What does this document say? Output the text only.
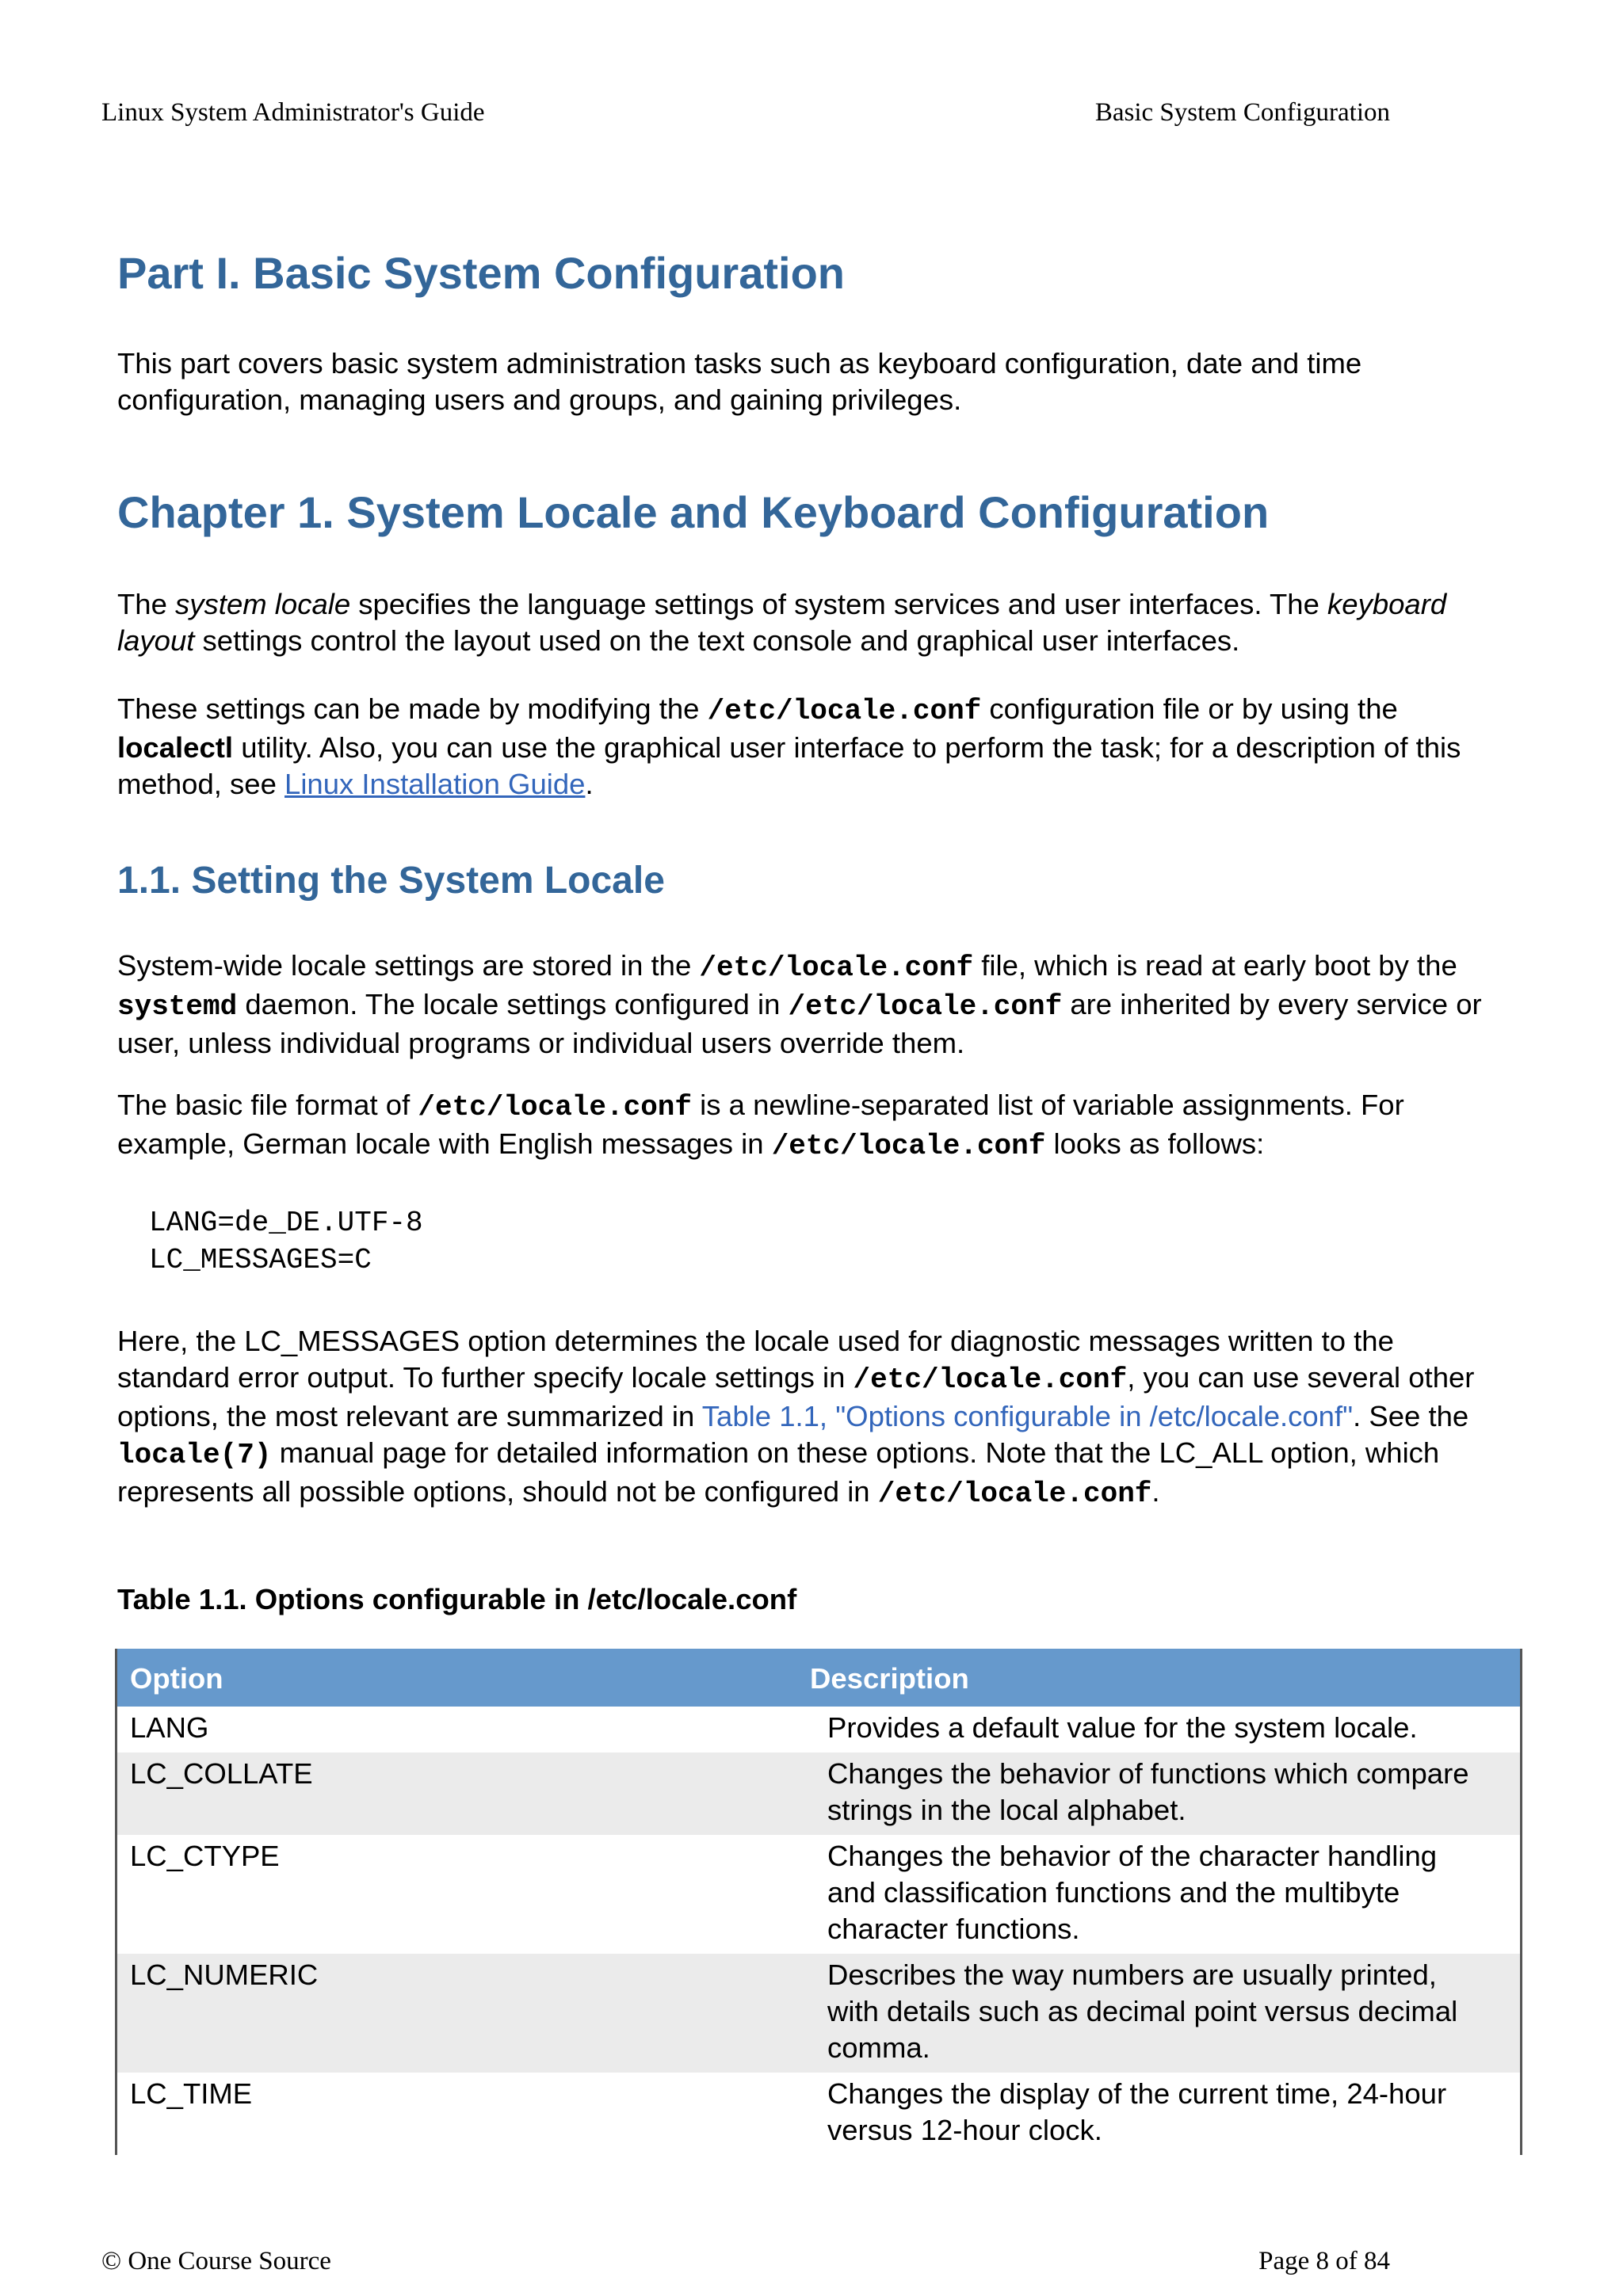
Linux System Administrator's Guide	Basic System Configuration
Part I. Basic System Configuration

This part covers basic system administration tasks such as keyboard configuration, date and time configuration, managing users and groups, and gaining privileges.

Chapter 1. System Locale and Keyboard Configuration

The system locale specifies the language settings of system services and user interfaces. The keyboard layout settings control the layout used on the text console and graphical user interfaces.

These settings can be made by modifying the /etc/locale.conf configuration file or by using the localectl utility. Also, you can use the graphical user interface to perform the task; for a description of this method, see Linux Installation Guide.

1.1. Setting the System Locale

System-wide locale settings are stored in the /etc/locale.conf file, which is read at early boot by the systemd daemon. The locale settings configured in /etc/locale.conf are inherited by every service or user, unless individual programs or individual users override them.

The basic file format of /etc/locale.conf is a newline-separated list of variable assignments. For example, German locale with English messages in /etc/locale.conf looks as follows:

LANG=de_DE.UTF-8
LC_MESSAGES=C

Here, the LC_MESSAGES option determines the locale used for diagnostic messages written to the standard error output. To further specify locale settings in /etc/locale.conf, you can use several other options, the most relevant are summarized in Table 1.1, "Options configurable in /etc/locale.conf". See the locale(7) manual page for detailed information on these options. Note that the LC_ALL option, which represents all possible options, should not be configured in /etc/locale.conf.

Table 1.1. Options configurable in /etc/locale.conf
Option	Description
LANG	Provides a default value for the system locale.
LC_COLLATE	Changes the behavior of functions which compare strings in the local alphabet.
LC_CTYPE	Changes the behavior of the character handling and classification functions and the multibyte character functions.
LC_NUMERIC	Describes the way numbers are usually printed, with details such as decimal point versus decimal comma.
LC_TIME	Changes the display of the current time, 24-hour versus 12-hour clock.
© One Course Source	Page 8 of 84
